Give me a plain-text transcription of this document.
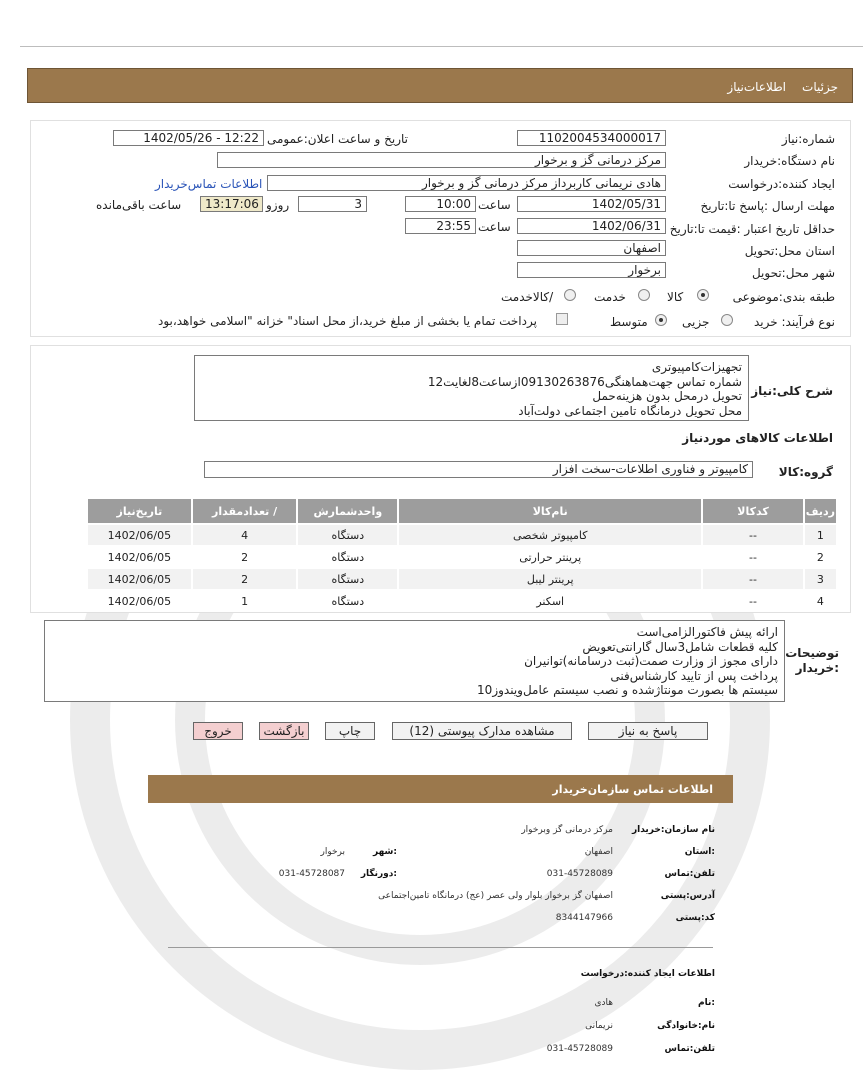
جزئیات
اطلاعات‌نیاز
شماره‌:نیاز
1102004534000017
تاریخ و ساعت اعلان:عمومی
1402/05/26 - 12:22
نام دستگاه:خریدار
مرکز درمانی گز و برخوار
ایجاد کننده:درخواست
هادی نریمانی کاربرداز مرکز درمانی گز و برخوار
اطلاعات تماس‌خریدار
مهلت ارسال :پاسخ تا:تاریخ
1402/05/31
ساعت
10:00
3
روزو
13:17:06
ساعت باقی‌مانده
حداقل تاریخ اعتبار :قیمت تا:تاریخ
1402/06/31
ساعت
23:55
استان محل:تحویل
اصفهان
شهر محل:تحویل
برخوار
طبقه بندی:موضوعی
کالا
خدمت
/کالاخدمت
نوع فرآیند: خرید
جزیی
متوسط
پرداخت تمام یا بخشی از مبلغ خرید،از محل اسناد" خزانه "اسلامی خواهد،بود
شرح کلی:نیاز
تجهیزات‌کامپیوتری
شماره تماس جهت‌هماهنگی09130263876ازساعت8لغایت12
تحویل درمحل بدون هزینه‌حمل
محل تحویل درمانگاه تامین اجتماعی دولت‌آباد
اطلاعات کالاهای موردنیاز
گروه:کالا
کامپیوتر و فناوری اطلاعات-سخت افزار
ردیف	کدکالا	نام‌کالا	واحدشمارش	/ تعدادمقدار	تاریخ‌نیاز
1	--	کامپیوتر شخصی	دستگاه	4	1402/06/05
2	--	پرینتر حرارتی	دستگاه	2	1402/06/05
3	--	پرینتر لیبل	دستگاه	2	1402/06/05
4	--	اسکنر	دستگاه	1	1402/06/05
توضیحات :خریدار
ارائه پیش فاکتورالزامی‌است
کلیه قطعات شامل3سال گارانتی‌تعویض
دارای مجوز از وزارت صمت(ثبت درسامانه)توانیران
پرداخت پس از تایید کارشناس‌فنی
سیستم ها بصورت مونتاژشده و نصب سیستم عامل‌ویندوز10
پاسخ به نیاز
مشاهده مدارک پیوستی (12)
چاپ
بازگشت
خروج
اطلاعات تماس سازمان‌خریدار
نام سازمان:خریدار
مرکز درمانی گز وبرخوار
:استان
اصفهان
:شهر
برخوار
تلفن:تماس
031-45728089
:دورنگار
031-45728087
آدرس:پستی
اصفهان گز برخوار بلوار ولی عصر (عج) درمانگاه تامین‌اجتماعی
کد:پستی
8344147966
اطلاعات ایجاد کننده:درخواست
:نام
هادی
نام:خانوادگی
نریمانی
تلفن:تماس
031-45728089
